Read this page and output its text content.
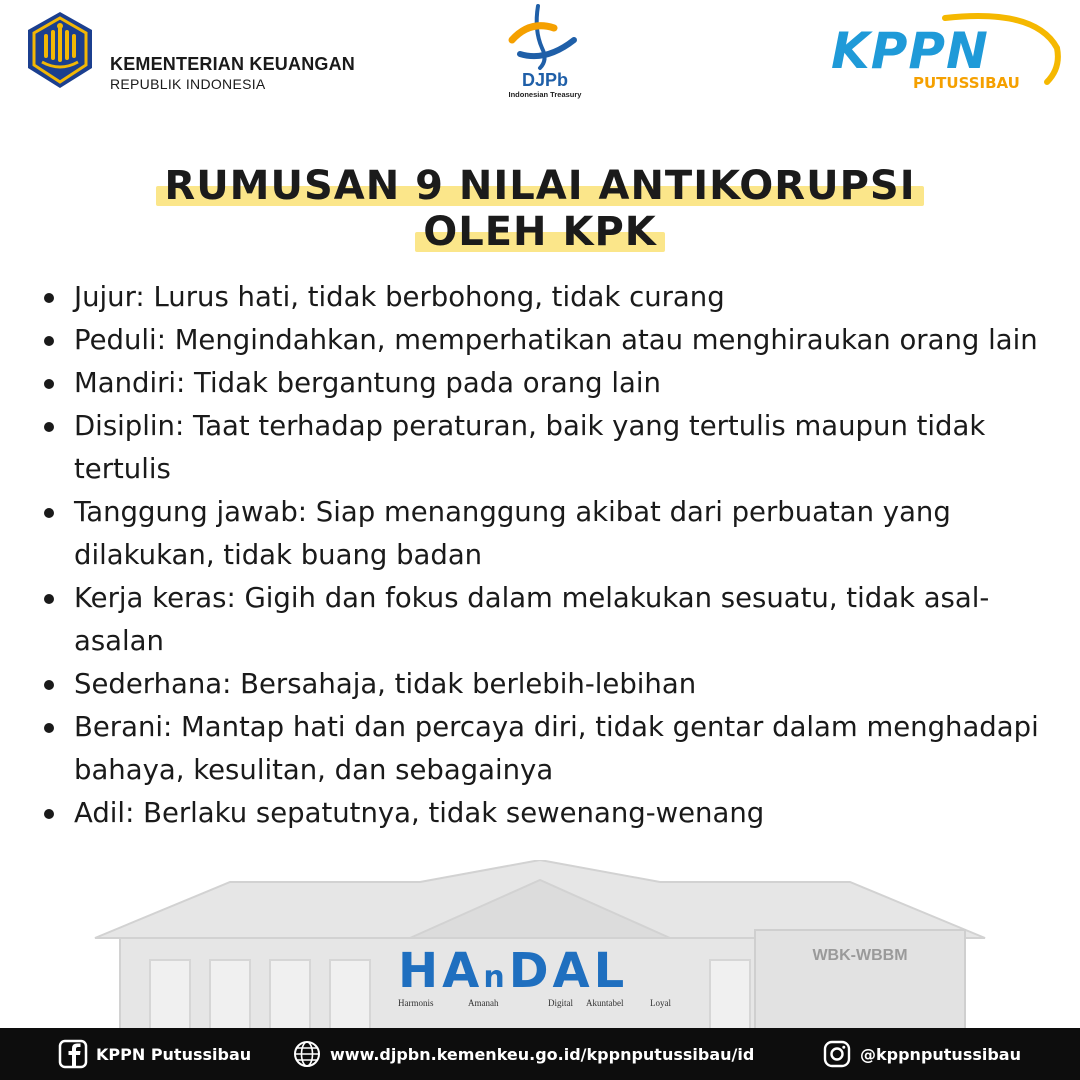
KEMENTERIAN KEUANGAN
REPUBLIK INDONESIA	DJPb
Indonesian Treasury
KPPN
PUTUSSIBAU
RUMUSAN 9 NILAI ANTIKORUPSI
OLEH KPK
Jujur: Lurus hati, tidak berbohong, tidak curang
Peduli: Mengindahkan, memperhatikan atau menghiraukan orang lain
Mandiri: Tidak bergantung pada orang lain
Disiplin: Taat terhadap peraturan, baik yang tertulis maupun tidak tertulis
Tanggung jawab: Siap menanggung akibat dari perbuatan yang dilakukan, tidak buang badan
Kerja keras: Gigih dan fokus dalam melakukan sesuatu, tidak asal-asalan
Sederhana: Bersahaja, tidak berlebih-lebihan
Berani: Mantap hati dan percaya diri, tidak gentar dalam menghadapi bahaya, kesulitan, dan sebagainya
Adil: Berlaku sepatutnya, tidak sewenang-wenang
WBK-WBBM
HAnDAL
Harmonis	Amanah	Digital Akuntabel	Loyal
KPPN Putussibau	www.djpbn.kemenkeu.go.id/kppnputussibau/id	@kppnputussibau
